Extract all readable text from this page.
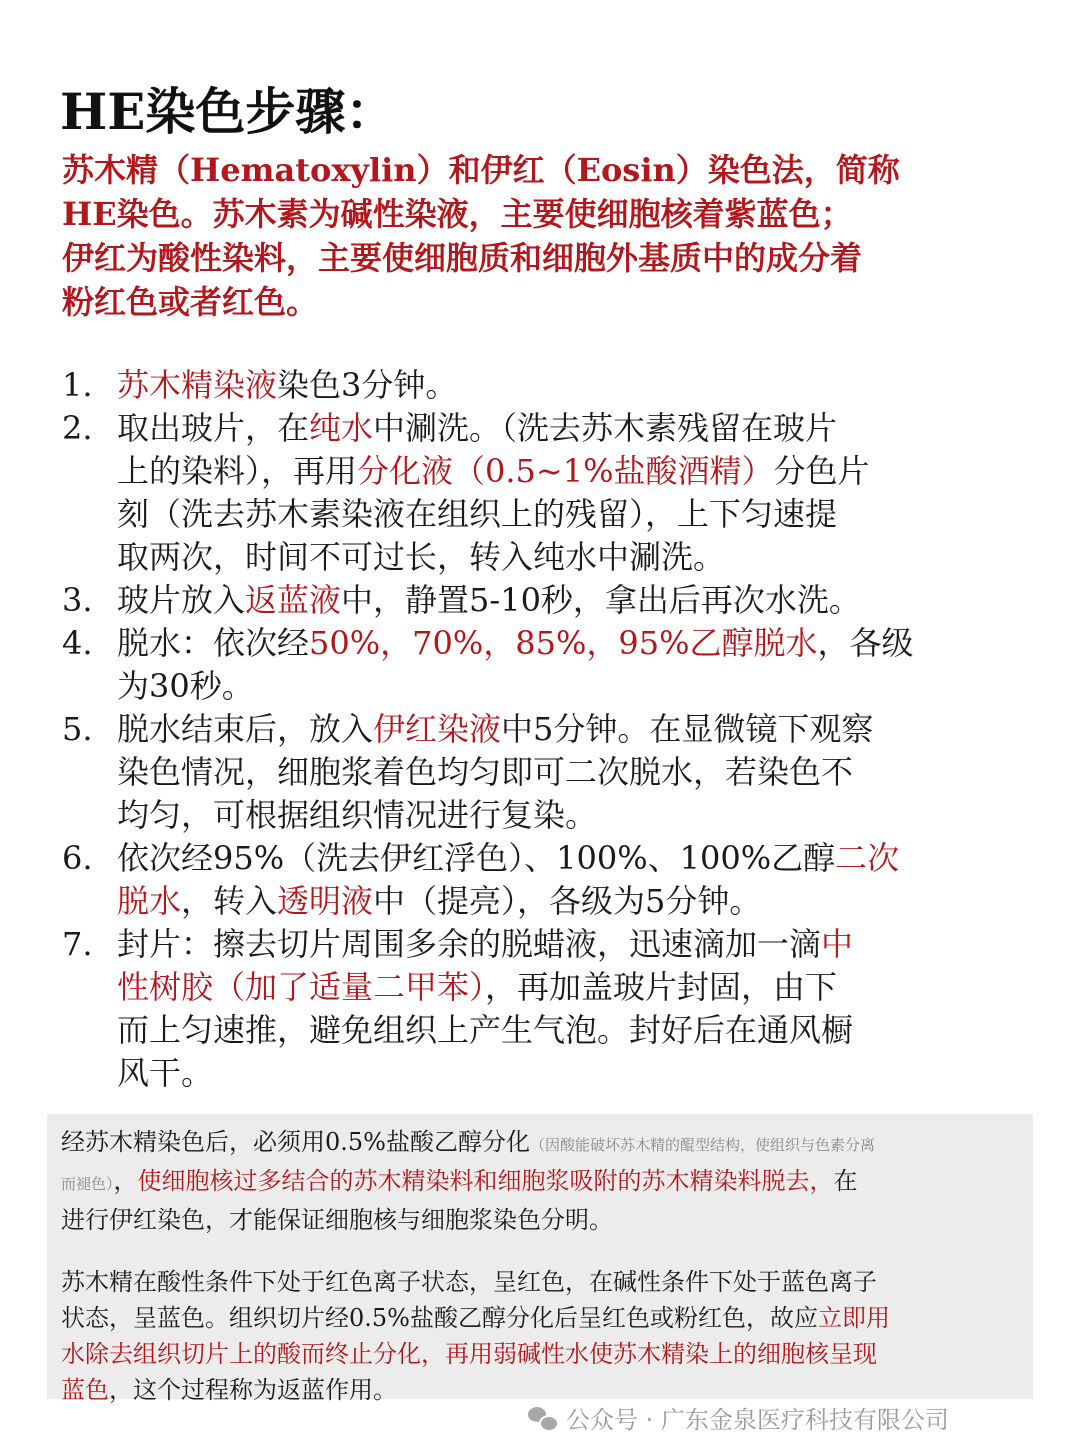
HE染色步骤：

苏木精（Hematoxylin）和伊红（Eosin）染色法，简称

HE染色。苏木素为碱性染液，主要使细胞核着紫蓝色；

伊红为酸性染料，主要使细胞质和细胞外基质中的成分着

粉红色或者红色。

1. 苏木精染液染色3分钟。
2. 取出玻片，在纯水中涮洗。（洗去苏木素残留在玻片
上的染料），再用分化液（0.5~1%盐酸酒精）分色片
刻（洗去苏木素染液在组织上的残留），上下匀速提
取两次，时间不可过长，转入纯水中涮洗。
3. 玻片放入返蓝液中，静置5-10秒，拿出后再次水洗。
4. 脱水：依次经50%，70%，85%，95%乙醇脱水，各级
为30秒。
5. 脱水结束后，放入伊红染液中5分钟。在显微镜下观察
染色情况，细胞浆着色均匀即可二次脱水，若染色不
均匀，可根据组织情况进行复染。
6. 依次经95%（洗去伊红浮色）、100%、100%乙醇二次
脱水，转入透明液中（提亮），各级为5分钟。
7. 封片：擦去切片周围多余的脱蜡液，迅速滴加一滴中
性树胶（加了适量二甲苯），再加盖玻片封固，由下
而上匀速推，避免组织上产生气泡。封好后在通风橱
风干。

经苏木精染色后，必须用0.5%盐酸乙醇分化（因酸能破坏苏木精的醌型结构，使组织与色素分离
而褪色），使细胞核过多结合的苏木精染料和细胞浆吸附的苏木精染料脱去，在
进行伊红染色，才能保证细胞核与细胞浆染色分明。

苏木精在酸性条件下处于红色离子状态，呈红色，在碱性条件下处于蓝色离子
状态，呈蓝色。组织切片经0.5%盐酸乙醇分化后呈红色或粉红色，故应立即用
水除去组织切片上的酸而终止分化，再用弱碱性水使苏木精染上的细胞核呈现
蓝色，这个过程称为返蓝作用。

公众号 · 广东金泉医疗科技有限公司
